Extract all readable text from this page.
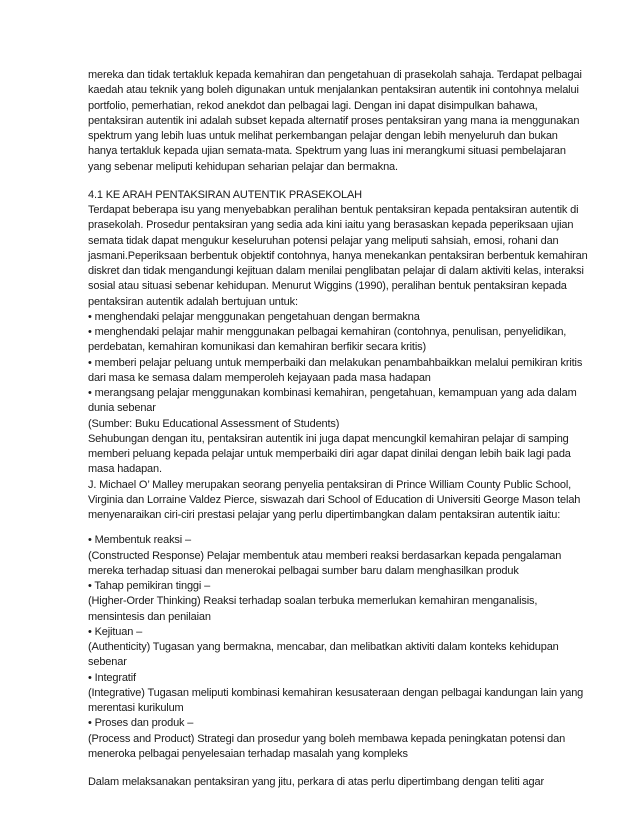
mereka dan tidak tertakluk kepada kemahiran dan pengetahuan di prasekolah sahaja. Terdapat pelbagai
kaedah atau teknik yang boleh digunakan untuk menjalankan pentaksiran autentik ini contohnya melalui
portfolio, pemerhatian, rekod anekdot dan pelbagai lagi. Dengan ini dapat disimpulkan bahawa,
pentaksiran autentik ini adalah subset kepada alternatif proses pentaksiran yang mana ia menggunakan
spektrum yang lebih luas untuk melihat perkembangan pelajar dengan lebih menyeluruh dan bukan
hanya tertakluk kepada ujian semata-mata. Spektrum yang luas ini merangkumi situasi pembelajaran
yang sebenar meliputi kehidupan seharian pelajar dan bermakna.
4.1 KE ARAH PENTAKSIRAN AUTENTIK PRASEKOLAH
Terdapat beberapa isu yang menyebabkan peralihan bentuk pentaksiran kepada pentaksiran autentik di
prasekolah. Prosedur pentaksiran yang sedia ada kini iaitu yang berasaskan kepada peperiksaan ujian
semata tidak dapat mengukur keseluruhan potensi pelajar yang meliputi sahsiah, emosi, rohani dan
jasmani.Peperiksaan berbentuk objektif contohnya, hanya menekankan pentaksiran berbentuk kemahiran
diskret dan tidak mengandungi kejituan dalam menilai penglibatan pelajar di dalam aktiviti kelas, interaksi
sosial atau situasi sebenar kehidupan. Menurut Wiggins (1990), peralihan bentuk pentaksiran kepada
pentaksiran autentik adalah bertujuan untuk:
• menghendaki pelajar menggunakan pengetahuan dengan bermakna
• menghendaki pelajar mahir menggunakan pelbagai kemahiran (contohnya, penulisan, penyelidikan,
perdebatan, kemahiran komunikasi dan kemahiran berfikir secara kritis)
• memberi pelajar peluang untuk memperbaiki dan melakukan penambahbaikkan melalui pemikiran kritis
dari masa ke semasa dalam memperoleh kejayaan pada masa hadapan
• merangsang pelajar menggunakan kombinasi kemahiran, pengetahuan, kemampuan yang ada dalam
dunia sebenar
(Sumber: Buku Educational Assessment of Students)
Sehubungan dengan itu, pentaksiran autentik ini juga dapat mencungkil kemahiran pelajar di samping
memberi peluang kepada pelajar untuk memperbaiki diri agar dapat dinilai dengan lebih baik lagi pada
masa hadapan.
J. Michael O’ Malley merupakan seorang penyelia pentaksiran di Prince William County Public School,
Virginia dan Lorraine Valdez Pierce, siswazah dari School of Education di Universiti George Mason telah
menyenaraikan ciri-ciri prestasi pelajar yang perlu dipertimbangkan dalam pentaksiran autentik iaitu:
• Membentuk reaksi –
(Constructed Response) Pelajar membentuk atau memberi reaksi berdasarkan kepada pengalaman
mereka terhadap situasi dan menerokai pelbagai sumber baru dalam menghasilkan produk
• Tahap pemikiran tinggi –
(Higher-Order Thinking) Reaksi terhadap soalan terbuka memerlukan kemahiran menganalisis,
mensintesis dan penilaian
• Kejituan –
(Authenticity) Tugasan yang bermakna, mencabar, dan melibatkan aktiviti dalam konteks kehidupan
sebenar
• Integratif
(Integrative) Tugasan meliputi kombinasi kemahiran kesusateraan dengan pelbagai kandungan lain yang
merentasi kurikulum
• Proses dan produk –
(Process and Product) Strategi dan prosedur yang boleh membawa kepada peningkatan potensi dan
meneroka pelbagai penyelesaian terhadap masalah yang kompleks
Dalam melaksanakan pentaksiran yang jitu, perkara di atas perlu dipertimbang dengan teliti agar
